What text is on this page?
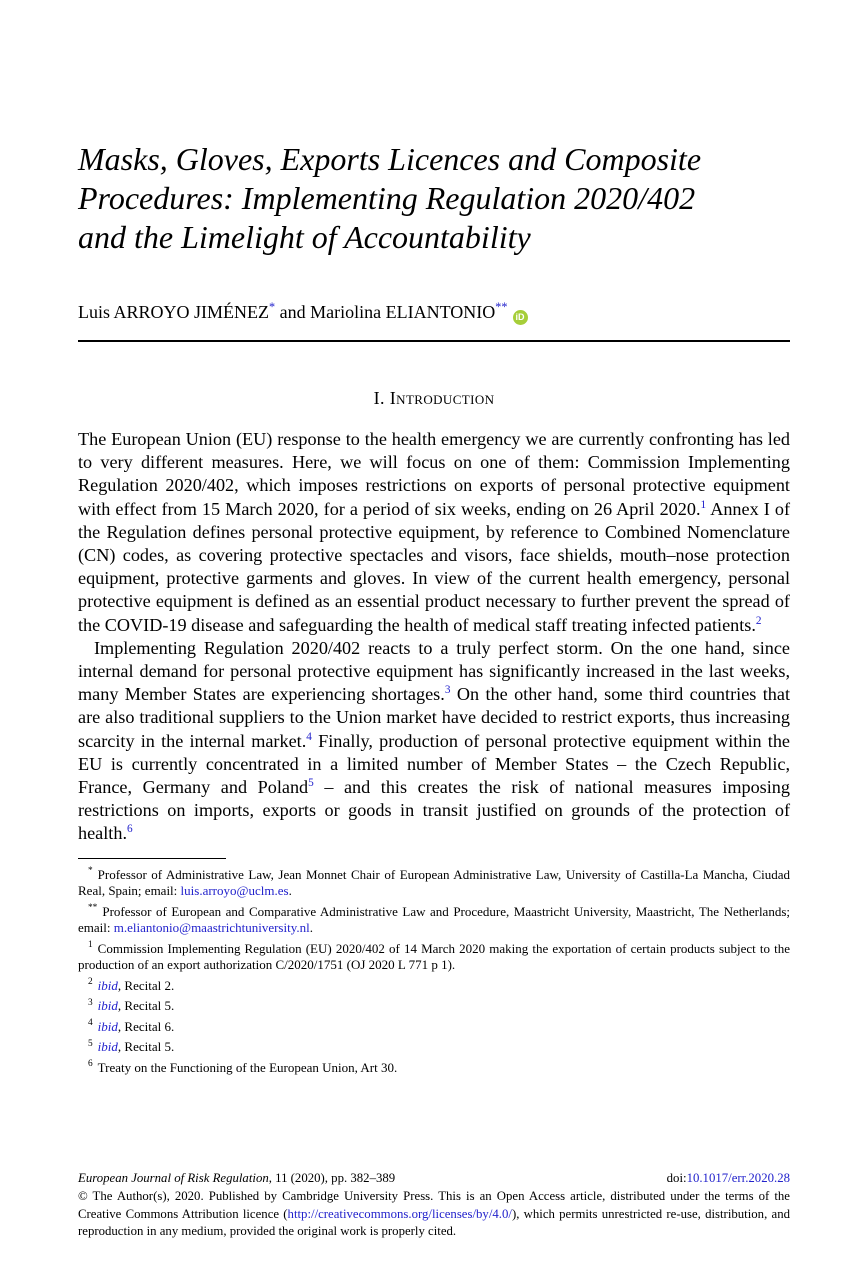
Masks, Gloves, Exports Licences and Composite
Procedures: Implementing Regulation 2020/402
and the Limelight of Accountability
Luis ARROYO JIMÉNEZ* and Mariolina ELIANTONIO**iD
I. Introduction

The European Union (EU) response to the health emergency we are currently confronting has led to very different measures. Here, we will focus on one of them: Commission Implementing Regulation 2020/402, which imposes restrictions on exports of personal protective equipment with effect from 15 March 2020, for a period of six weeks, ending on 26 April 2020.$^1$ Annex I of the Regulation defines personal protective equipment, by reference to Combined Nomenclature (CN) codes, as covering protective spectacles and visors, face shields, mouth–nose protection equipment, protective garments and gloves. In view of the current health emergency, personal protective equipment is defined as an essential product necessary to further prevent the spread of the COVID-19 disease and safeguarding the health of medical staff treating infected patients.$^2$

Implementing Regulation 2020/402 reacts to a truly perfect storm. On the one hand, since internal demand for personal protective equipment has significantly increased in the last weeks, many Member States are experiencing shortages.$^3$ On the other hand, some third countries that are also traditional suppliers to the Union market have decided to restrict exports, thus increasing scarcity in the internal market.$^4$ Finally, production of personal protective equipment within the EU is currently concentrated in a limited number of Member States – the Czech Republic, France, Germany and Poland$^5$ – and this creates the risk of national measures imposing restrictions on imports, exports or goods in transit justified on grounds of the protection of health.$^6$

* Professor of Administrative Law, Jean Monnet Chair of European Administrative Law, University of Castilla-La Mancha, Ciudad Real, Spain; email: luis.arroyo@uclm.es.

** Professor of European and Comparative Administrative Law and Procedure, Maastricht University, Maastricht, The Netherlands; email: m.eliantonio@maastrichtuniversity.nl.

$^1$ Commission Implementing Regulation (EU) 2020/402 of 14 March 2020 making the exportation of certain products subject to the production of an export authorization C/2020/1751 (OJ 2020 L 771 p 1).

$^2$ ibid, Recital 2.

$^3$ ibid, Recital 5.

$^4$ ibid, Recital 6.

$^5$ ibid, Recital 5.

$^6$ Treaty on the Functioning of the European Union, Art 30.

European Journal of Risk Regulation, 11 (2020), pp. 382–389	doi:10.1017/err.2020.28
© The Author(s), 2020. Published by Cambridge University Press. This is an Open Access article, distributed under the terms of the Creative Commons Attribution licence (http://creativecommons.org/licenses/by/4.0/), which permits unrestricted re-use, distribution, and reproduction in any medium, provided the original work is properly cited.
